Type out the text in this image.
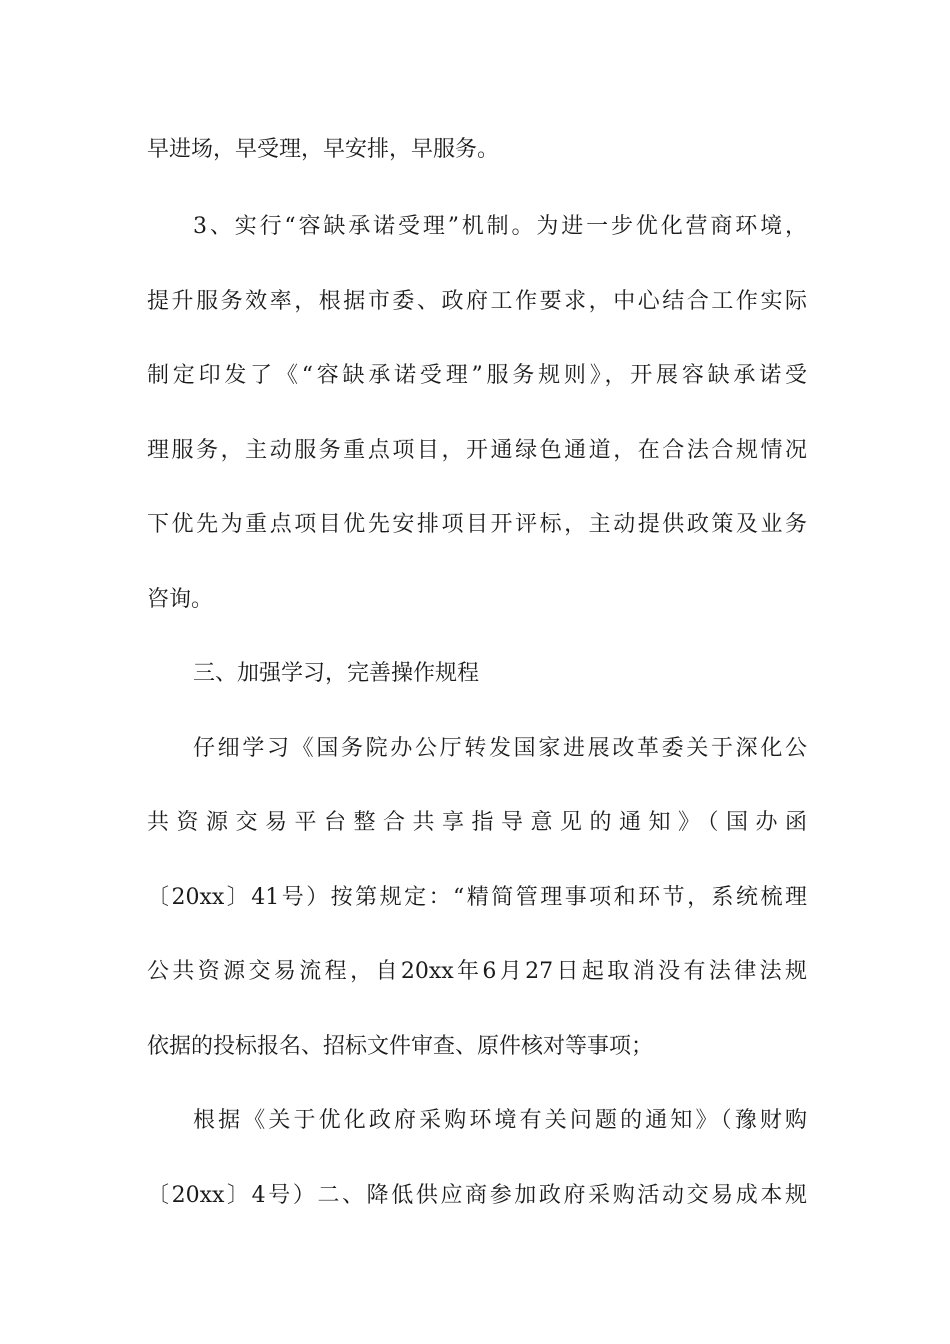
早进场，早受理，早安排，早服务。
3、实行“容缺承诺受理”机制。为进一步优化营商环境，
提升服务效率，根据市委、政府工作要求，中心结合工作实际
制定印发了《“容缺承诺受理”服务规则》，开展容缺承诺受
理服务，主动服务重点项目，开通绿色通道，在合法合规情况
下优先为重点项目优先安排项目开评标，主动提供政策及业务
咨询。
三、加强学习，完善操作规程
仔细学习《国务院办公厅转发国家进展改革委关于深化公
共资源交易平台整合共享指导意见的通知》（国办函
〔20xx〕41号）按第规定：“精简管理事项和环节，系统梳理
公共资源交易流程，自20xx年6月27日起取消没有法律法规
依据的投标报名、招标文件审查、原件核对等事项；
根据《关于优化政府采购环境有关问题的通知》（豫财购
〔20xx〕4号）二、降低供应商参加政府采购活动交易成本规
